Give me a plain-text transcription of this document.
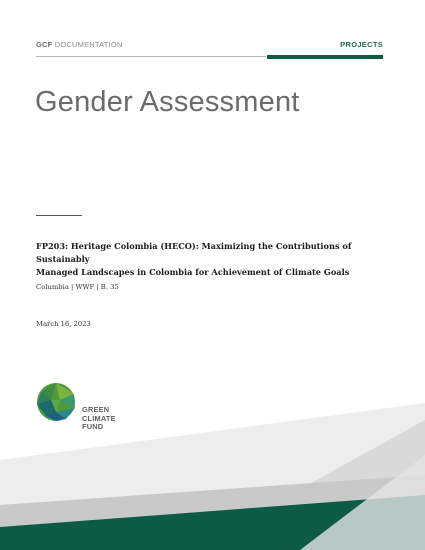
GCF DOCUMENTATION	PROJECTS
Gender Assessment
FP203: Heritage Colombia (HECO): Maximizing the Contributions of Sustainably
Managed Landscapes in Colombia for Achievement of Climate Goals
Columbia | WWF | B. 35
March 16, 2023
GREEN
CLIMATE
FUND
